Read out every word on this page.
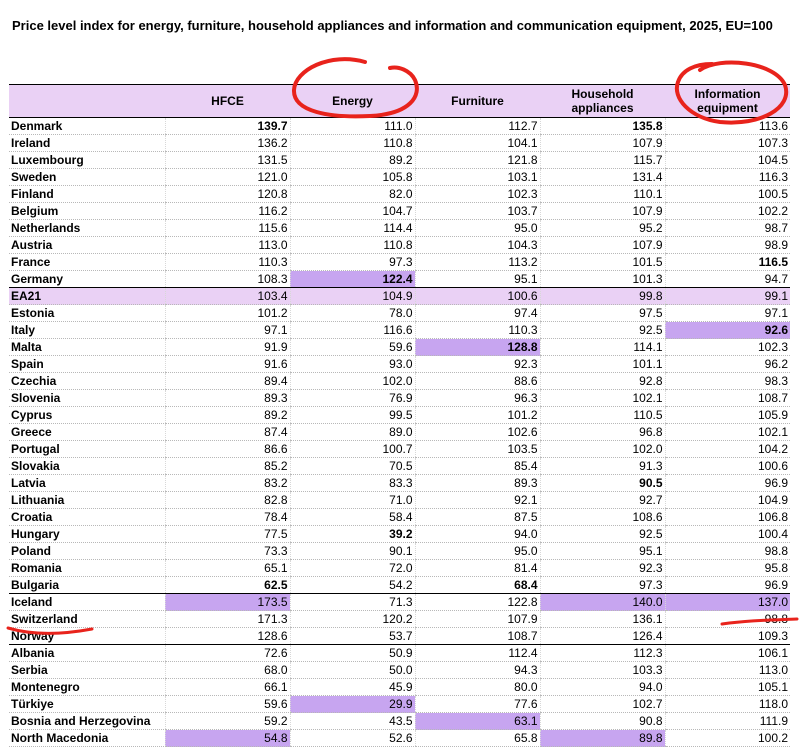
Price level index for energy, furniture, household appliances and information and communication equipment, 2025, EU=100
	HFCE	Energy	Furniture	Household appliances	Information equipment
Denmark	139.7	111.0	112.7	135.8	113.6
Ireland	136.2	110.8	104.1	107.9	107.3
Luxembourg	131.5	89.2	121.8	115.7	104.5
Sweden	121.0	105.8	103.1	131.4	116.3
Finland	120.8	82.0	102.3	110.1	100.5
Belgium	116.2	104.7	103.7	107.9	102.2
Netherlands	115.6	114.4	95.0	95.2	98.7
Austria	113.0	110.8	104.3	107.9	98.9
France	110.3	97.3	113.2	101.5	116.5
Germany	108.3	122.4	95.1	101.3	94.7
EA21	103.4	104.9	100.6	99.8	99.1
Estonia	101.2	78.0	97.4	97.5	97.1
Italy	97.1	116.6	110.3	92.5	92.6
Malta	91.9	59.6	128.8	114.1	102.3
Spain	91.6	93.0	92.3	101.1	96.2
Czechia	89.4	102.0	88.6	92.8	98.3
Slovenia	89.3	76.9	96.3	102.1	108.7
Cyprus	89.2	99.5	101.2	110.5	105.9
Greece	87.4	89.0	102.6	96.8	102.1
Portugal	86.6	100.7	103.5	102.0	104.2
Slovakia	85.2	70.5	85.4	91.3	100.6
Latvia	83.2	83.3	89.3	90.5	96.9
Lithuania	82.8	71.0	92.1	92.7	104.9
Croatia	78.4	58.4	87.5	108.6	106.8
Hungary	77.5	39.2	94.0	92.5	100.4
Poland	73.3	90.1	95.0	95.1	98.8
Romania	65.1	72.0	81.4	92.3	95.8
Bulgaria	62.5	54.2	68.4	97.3	96.9
Iceland	173.5	71.3	122.8	140.0	137.0
Switzerland	171.3	120.2	107.9	136.1	98.8
Norway	128.6	53.7	108.7	126.4	109.3
Albania	72.6	50.9	112.4	112.3	106.1
Serbia	68.0	50.0	94.3	103.3	113.0
Montenegro	66.1	45.9	80.0	94.0	105.1
Türkiye	59.6	29.9	77.6	102.7	118.0
Bosnia and Herzegovina	59.2	43.5	63.1	90.8	111.9
North Macedonia	54.8	52.6	65.8	89.8	100.2
